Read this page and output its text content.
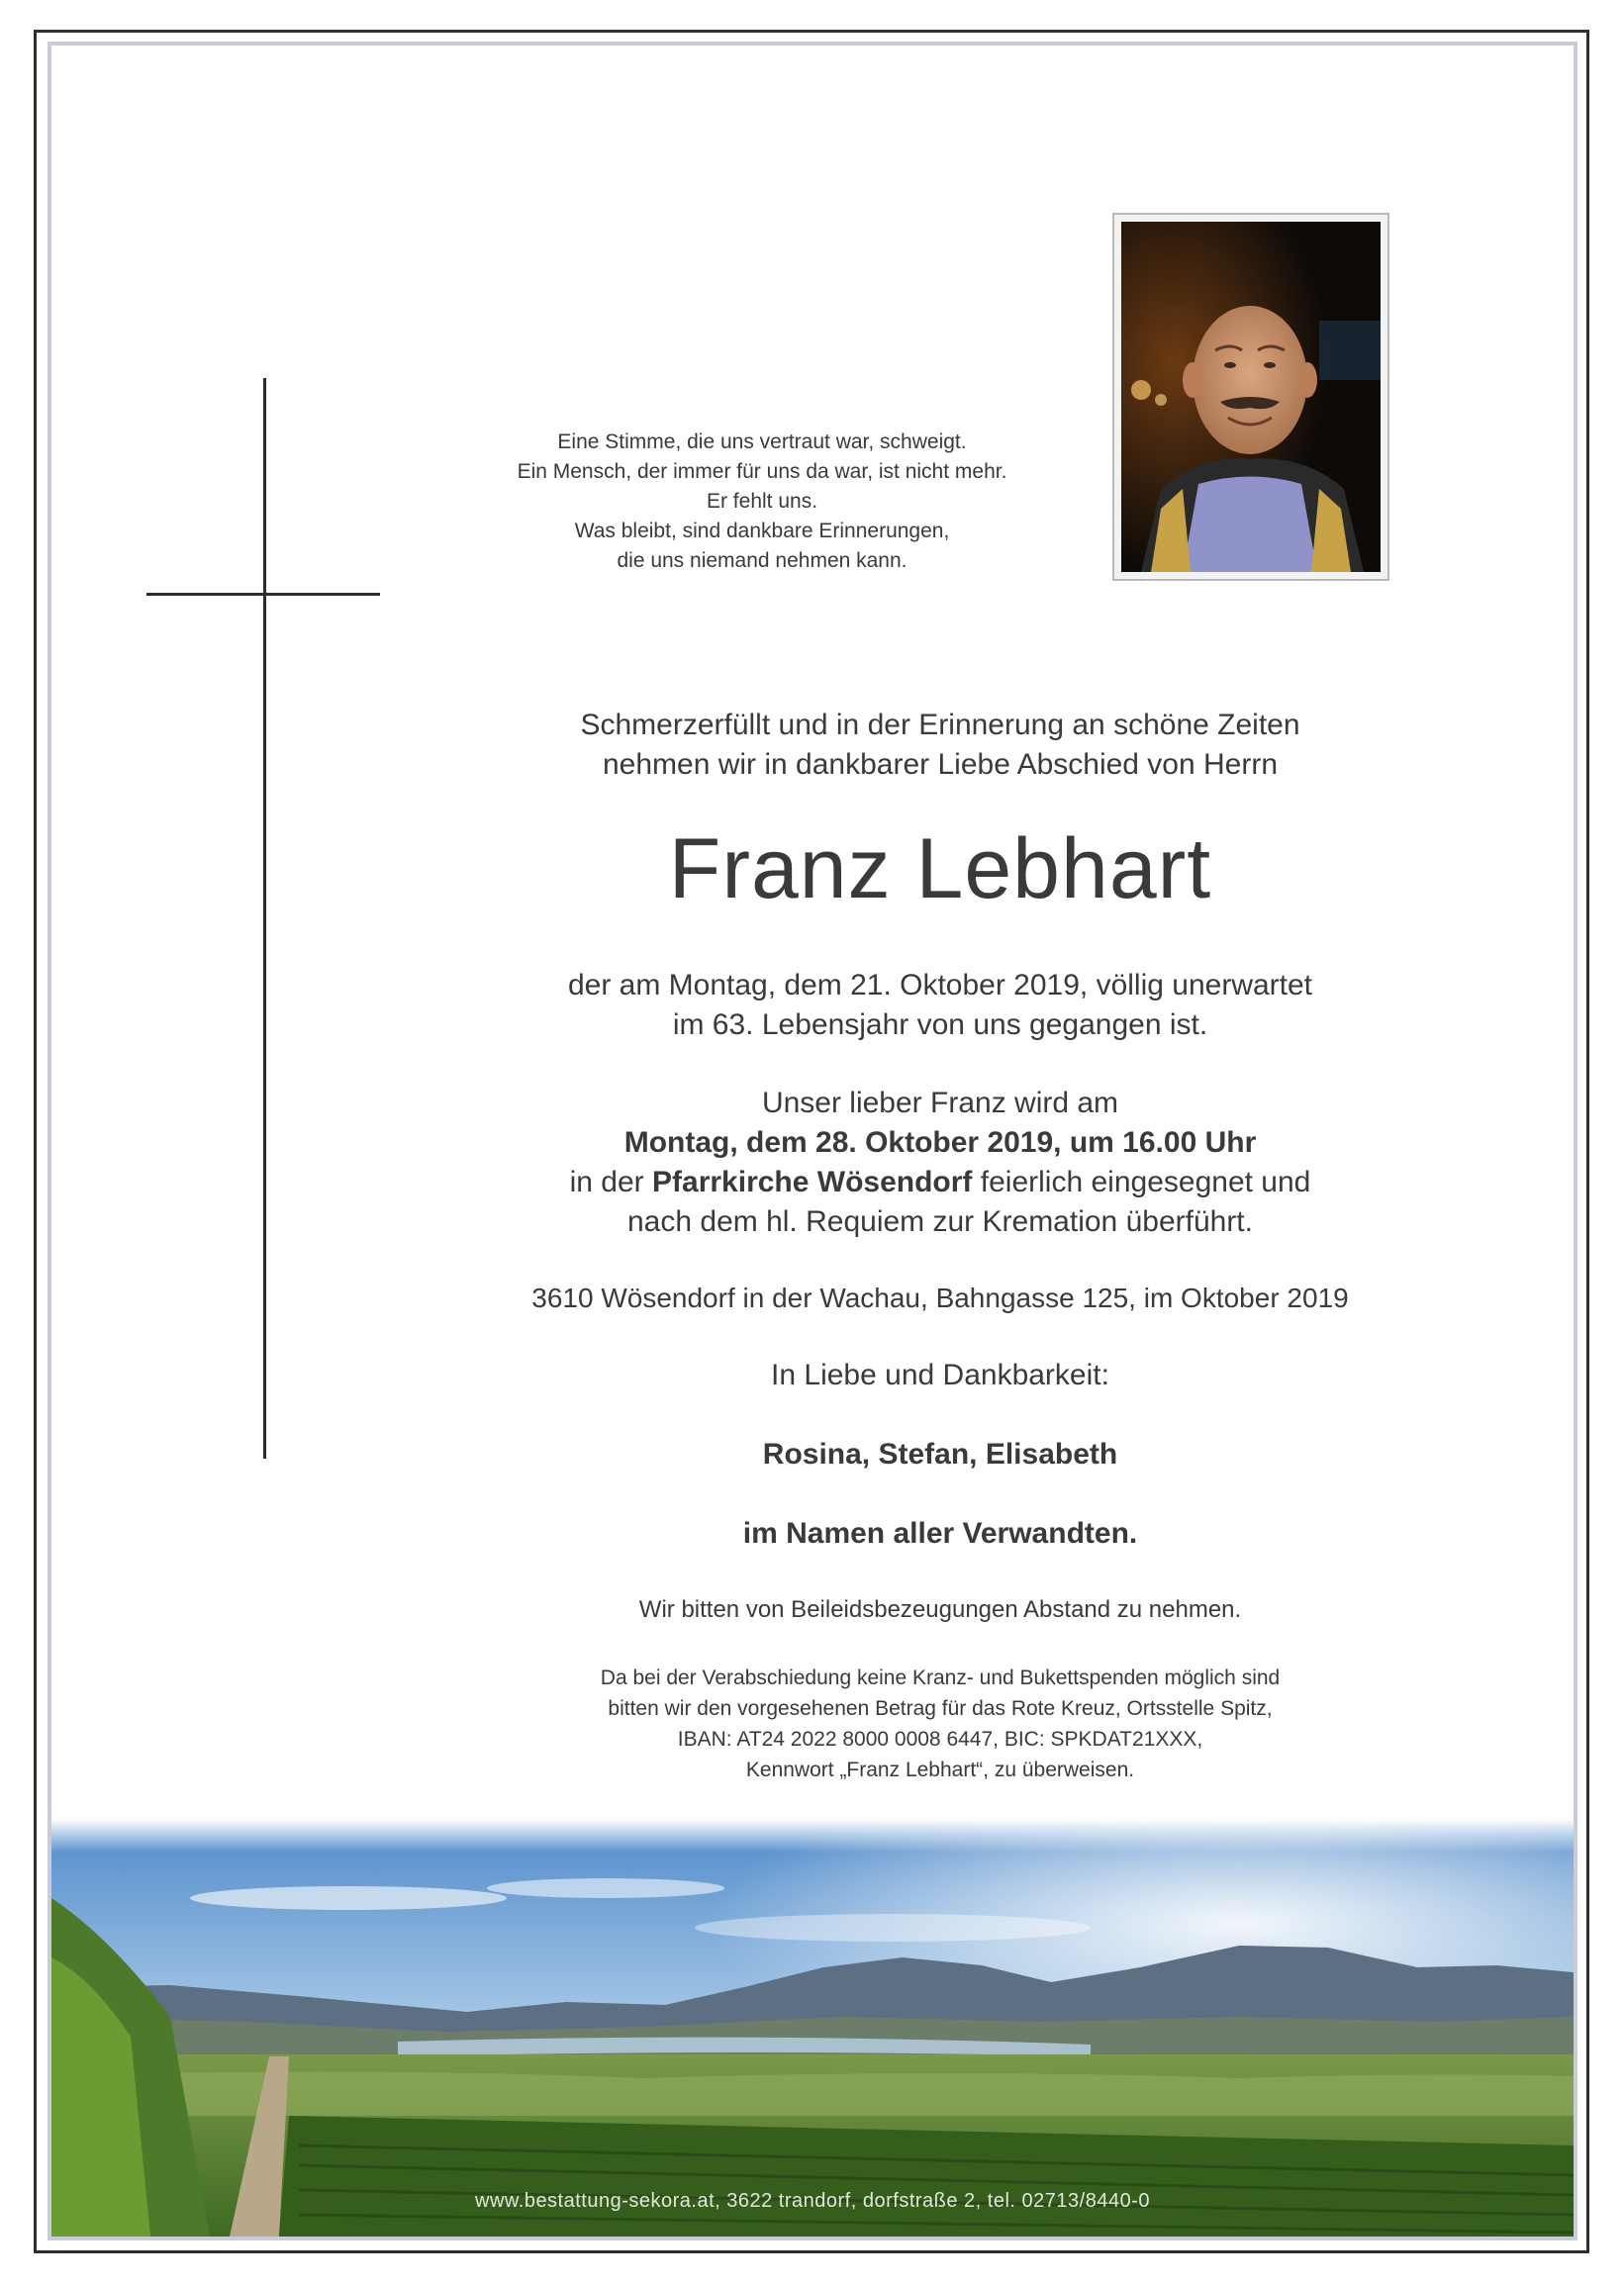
Eine Stimme, die uns vertraut war, schweigt.
Ein Mensch, der immer für uns da war, ist nicht mehr.
Er fehlt uns.
Was bleibt, sind dankbare Erinnerungen,
die uns niemand nehmen kann.
Schmerzerfüllt und in der Erinnerung an schöne Zeiten
nehmen wir in dankbarer Liebe Abschied von Herrn
Franz Lebhart
der am Montag, dem 21. Oktober 2019, völlig unerwartet
im 63. Lebensjahr von uns gegangen ist.
Unser lieber Franz wird am
Montag, dem 28. Oktober 2019, um 16.00 Uhr
in der Pfarrkirche Wösendorf feierlich eingesegnet und
nach dem hl. Requiem zur Kremation überführt.
3610 Wösendorf in der Wachau, Bahngasse 125, im Oktober 2019
In Liebe und Dankbarkeit:
Rosina, Stefan, Elisabeth
im Namen aller Verwandten.
Wir bitten von Beileidsbezeugungen Abstand zu nehmen.
Da bei der Verabschiedung keine Kranz- und Bukettspenden möglich sind
bitten wir den vorgesehenen Betrag für das Rote Kreuz, Ortsstelle Spitz,
IBAN: AT24 2022 8000 0008 6447, BIC: SPKDAT21XXX,
Kennwort „Franz Lebhart“, zu überweisen.
www.bestattung-sekora.at, 3622 trandorf, dorfstraße 2, tel. 02713/8440-0
